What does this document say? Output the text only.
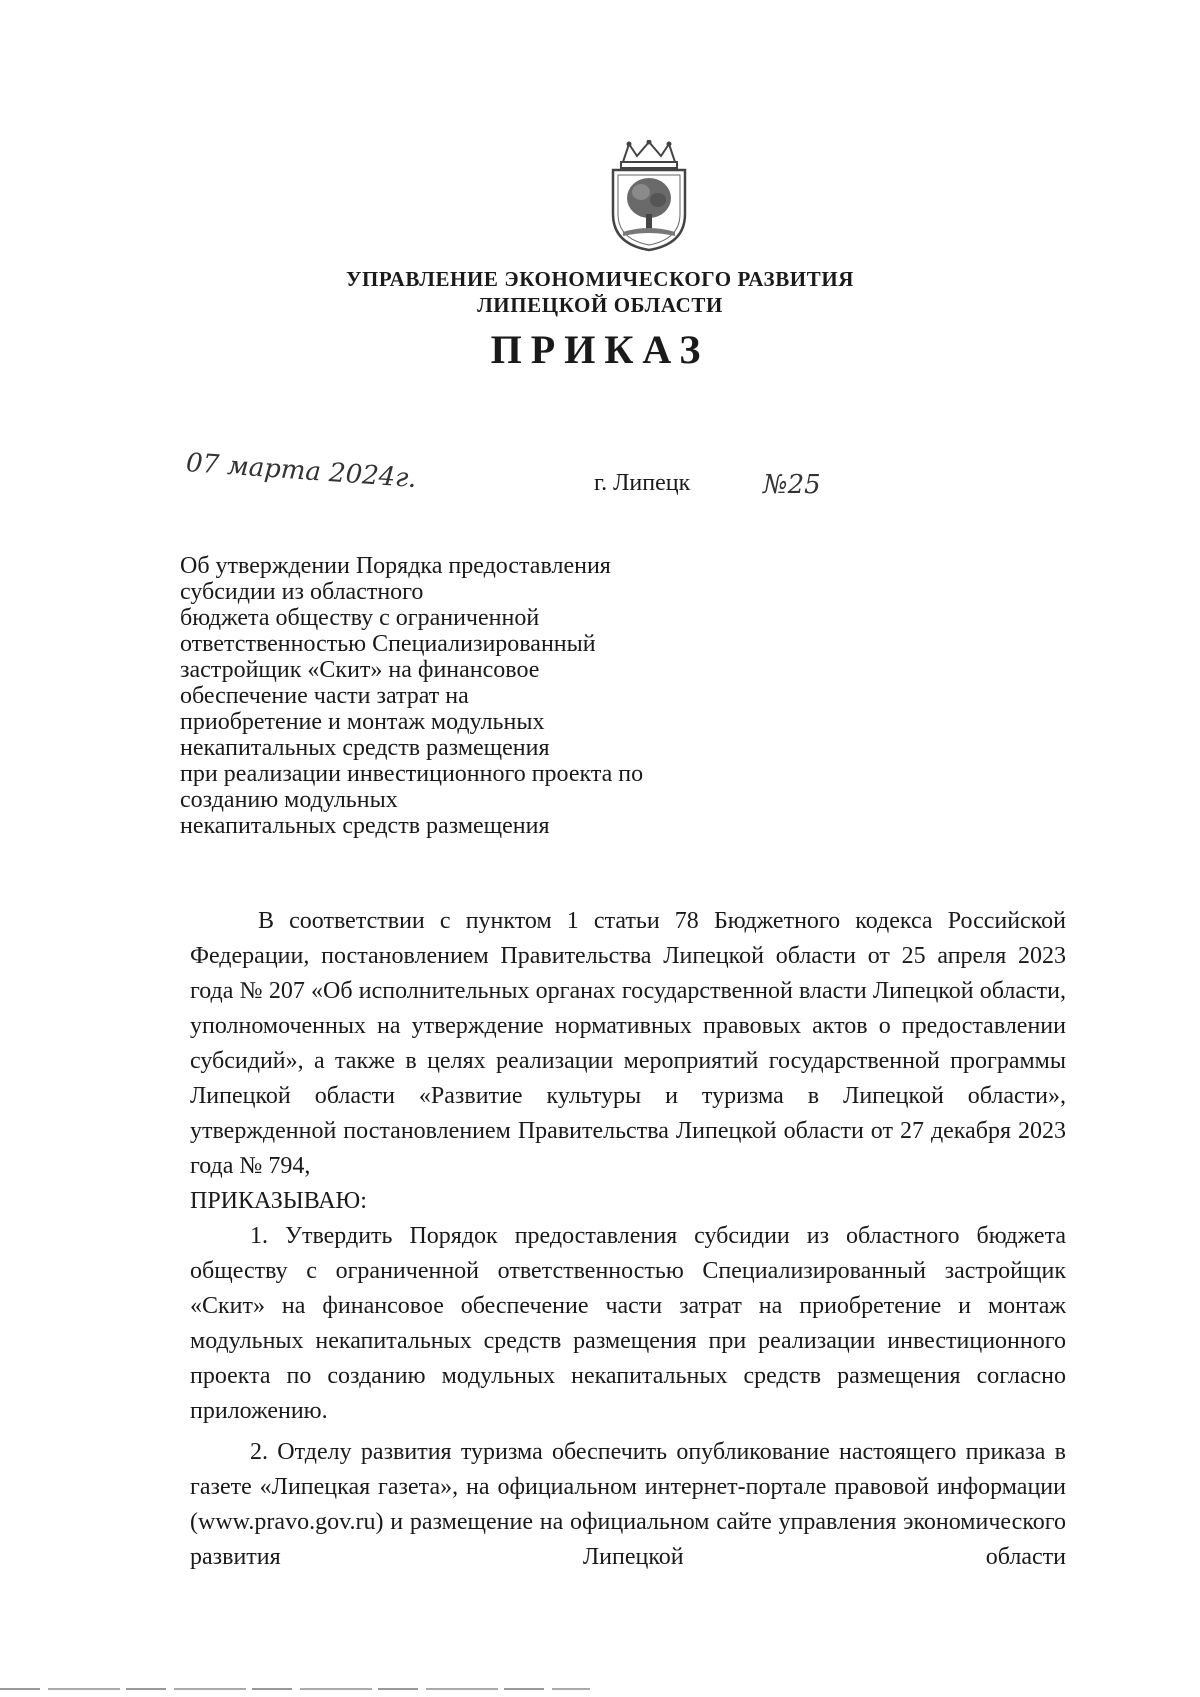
УПРАВЛЕНИЕ ЭКОНОМИЧЕСКОГО РАЗВИТИЯ
ЛИПЕЦКОЙ ОБЛАСТИ
ПРИКАЗ
07 марта 2024г.	г. Липецк	№25
Об утверждении Порядка предоставления
субсидии из областного
бюджета обществу с ограниченной
ответственностью Специализированный
застройщик «Скит» на финансовое
обеспечение части затрат на
приобретение и монтаж модульных
некапитальных средств размещения
при реализации инвестиционного проекта по
созданию модульных
некапитальных средств размещения

В соответствии с пунктом 1 статьи 78 Бюджетного кодекса Российской Федерации, постановлением Правительства Липецкой области от 25 апреля 2023 года № 207 «Об исполнительных органах государственной власти Липецкой области, уполномоченных на утверждение нормативных правовых актов о предоставлении субсидий», а также в целях реализации мероприятий государственной программы Липецкой области «Развитие культуры и туризма в Липецкой области», утвержденной постановлением Правительства Липецкой области от 27 декабря 2023 года № 794,

ПРИКАЗЫВАЮ:

1. Утвердить Порядок предоставления субсидии из областного бюджета обществу с ограниченной ответственностью Специализированный застройщик «Скит» на финансовое обеспечение части затрат на приобретение и монтаж модульных некапитальных средств размещения при реализации инвестиционного проекта по созданию модульных некапитальных средств размещения согласно приложению.

2. Отделу развития туризма обеспечить опубликование настоящего приказа в газете «Липецкая газета», на официальном интернет-портале правовой информации (www.pravo.gov.ru) и размещение на официальном сайте управления экономического развития Липецкой области
